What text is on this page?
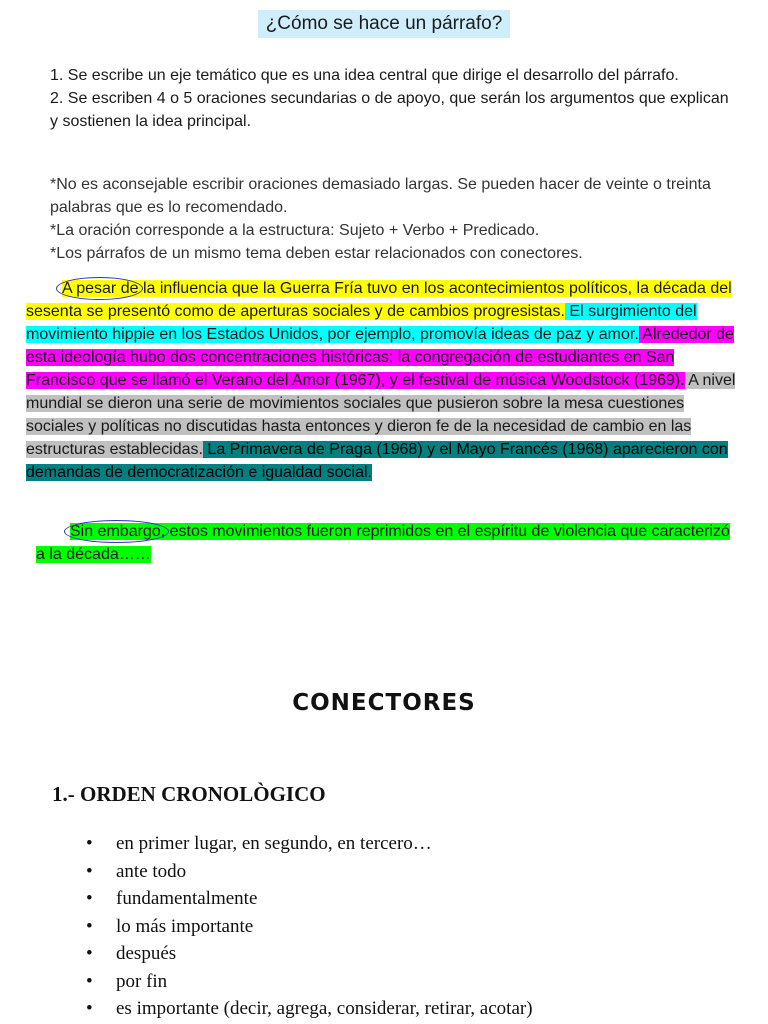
¿Cómo se hace un párrafo?

1. Se escribe un eje temático que es una idea central que dirige el desarrollo del párrafo.

2. Se escriben 4 o 5 oraciones secundarias o de apoyo, que serán los argumentos que explican y sostienen la idea principal.

*No es aconsejable escribir oraciones demasiado largas. Se pueden hacer de veinte o treinta palabras que es lo recomendado.

*La oración corresponde a la estructura: Sujeto + Verbo + Predicado.

*Los párrafos de un mismo tema deben estar relacionados con conectores.

A pesar de la influencia que la Guerra Fría tuvo en los acontecimientos políticos, la década del sesenta se presentó como de aperturas sociales y de cambios progresistas. El surgimiento del movimiento hippie en los Estados Unidos, por ejemplo, promovía ideas de paz y amor. Alrededor de esta ideología hubo dos concentraciones históricas; la congregación de estudiantes en San Francisco que se llamó el Verano del Amor (1967), y el festival de música Woodstock (1969). A nivel mundial se dieron una serie de movimientos sociales que pusieron sobre la mesa cuestiones sociales y políticas no discutidas hasta entonces y dieron fe de la necesidad de cambio en las estructuras establecidas. La Primavera de Praga (1968) y el Mayo Francés (1968) aparecieron con demandas de democratización e igualdad social.
Sin embargo, estos movimientos fueron reprimidos en el espíritu de violencia que caracterizó a la década……
CONECTORES
1.- ORDEN CRONOLÒGICO
• en primer lugar, en segundo, en tercero…
• ante todo
• fundamentalmente
• lo más importante
• después
• por fin
• es importante (decir, agrega, considerar, retirar, acotar)
